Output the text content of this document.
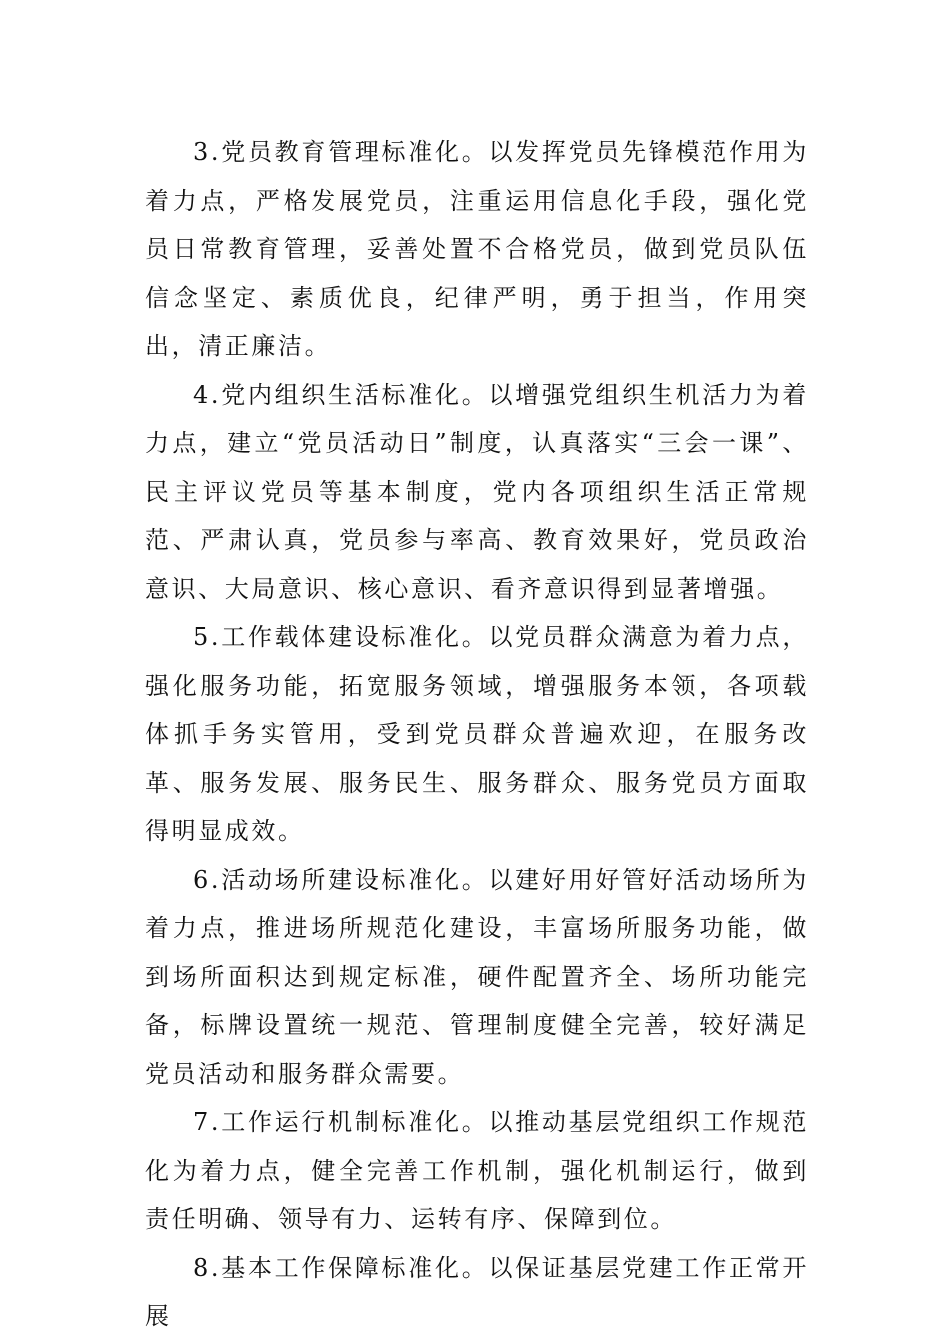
3.党员教育管理标准化。以发挥党员先锋模范作用为着力点，严格发展党员，注重运用信息化手段，强化党员日常教育管理，妥善处置不合格党员，做到党员队伍信念坚定、素质优良，纪律严明，勇于担当，作用突出，清正廉洁。

4.党内组织生活标准化。以增强党组织生机活力为着力点，建立“党员活动日”制度，认真落实“三会一课”、民主评议党员等基本制度，党内各项组织生活正常规范、严肃认真，党员参与率高、教育效果好，党员政治意识、大局意识、核心意识、看齐意识得到显著增强。

5.工作载体建设标准化。以党员群众满意为着力点，强化服务功能，拓宽服务领域，增强服务本领，各项载体抓手务实管用，受到党员群众普遍欢迎，在服务改革、服务发展、服务民生、服务群众、服务党员方面取得明显成效。

6.活动场所建设标准化。以建好用好管好活动场所为着力点，推进场所规范化建设，丰富场所服务功能，做到场所面积达到规定标准，硬件配置齐全、场所功能完备，标牌设置统一规范、管理制度健全完善，较好满足党员活动和服务群众需要。

7.工作运行机制标准化。以推动基层党组织工作规范化为着力点，健全完善工作机制，强化机制运行，做到责任明确、领导有力、运转有序、保障到位。

8.基本工作保障标准化。以保证基层党建工作正常开展
